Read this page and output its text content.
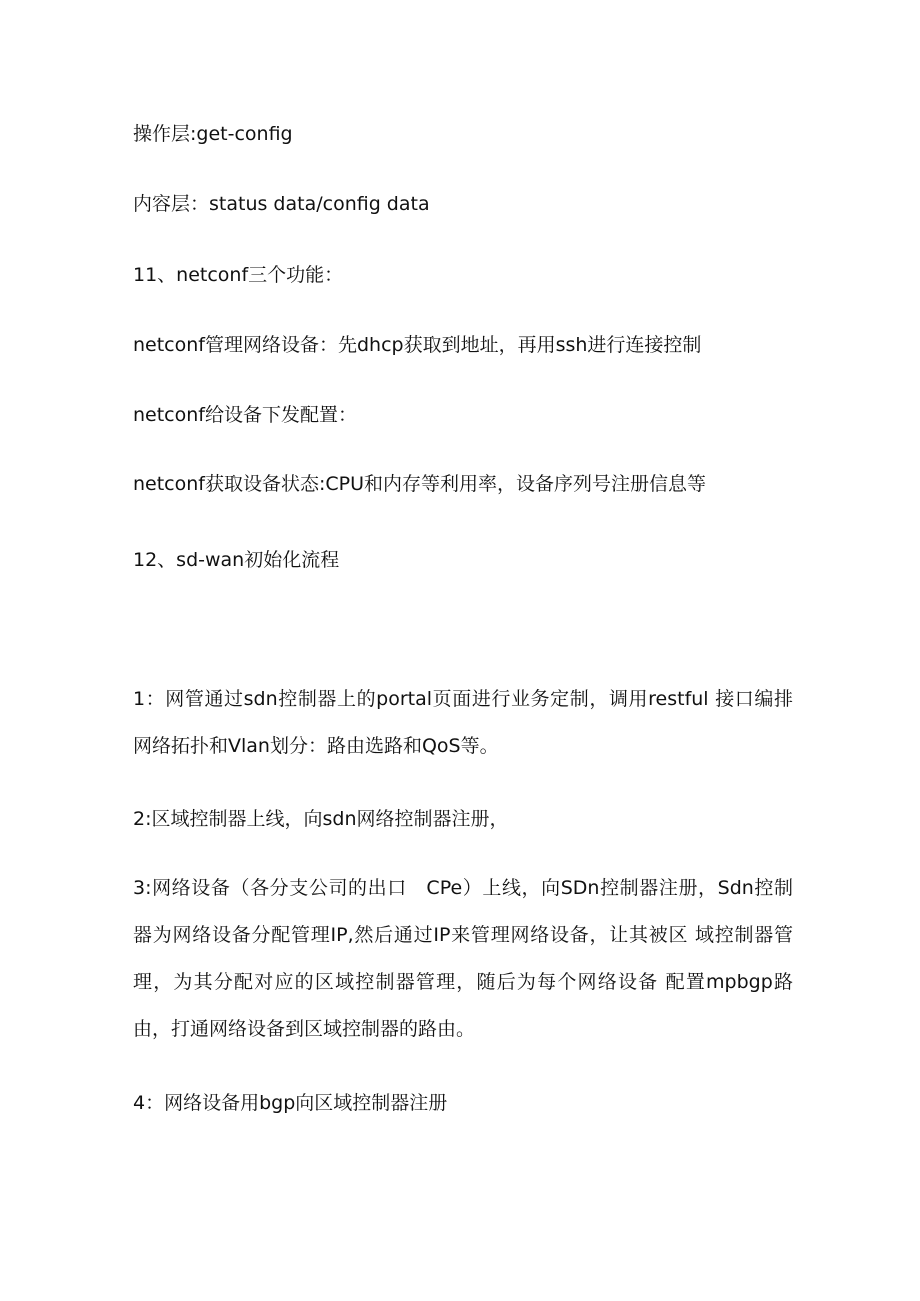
操作层:get-config

内容层：status data/config data

11、netconf三个功能：

netconf管理网络设备：先dhcp获取到地址，再用ssh进行连接控制

netconf给设备下发配置：

netconf获取设备状态:CPU和内存等利用率，设备序列号注册信息等

12、sd-wan初始化流程

1：网管通过sdn控制器上的portal页面进行业务定制，调用restful 接口编排网络拓扑和Vlan划分：路由选路和QoS等。

2:区域控制器上线，向sdn网络控制器注册，

3:网络设备（各分支公司的出口　CPe）上线，向SDn控制器注册，Sdn控制器为网络设备分配管理IP,然后通过IP来管理网络设备，让其被区 域控制器管理，为其分配对应的区域控制器管理，随后为每个网络设备 配置mpbgp路由，打通网络设备到区域控制器的路由。

4：网络设备用bgp向区域控制器注册
